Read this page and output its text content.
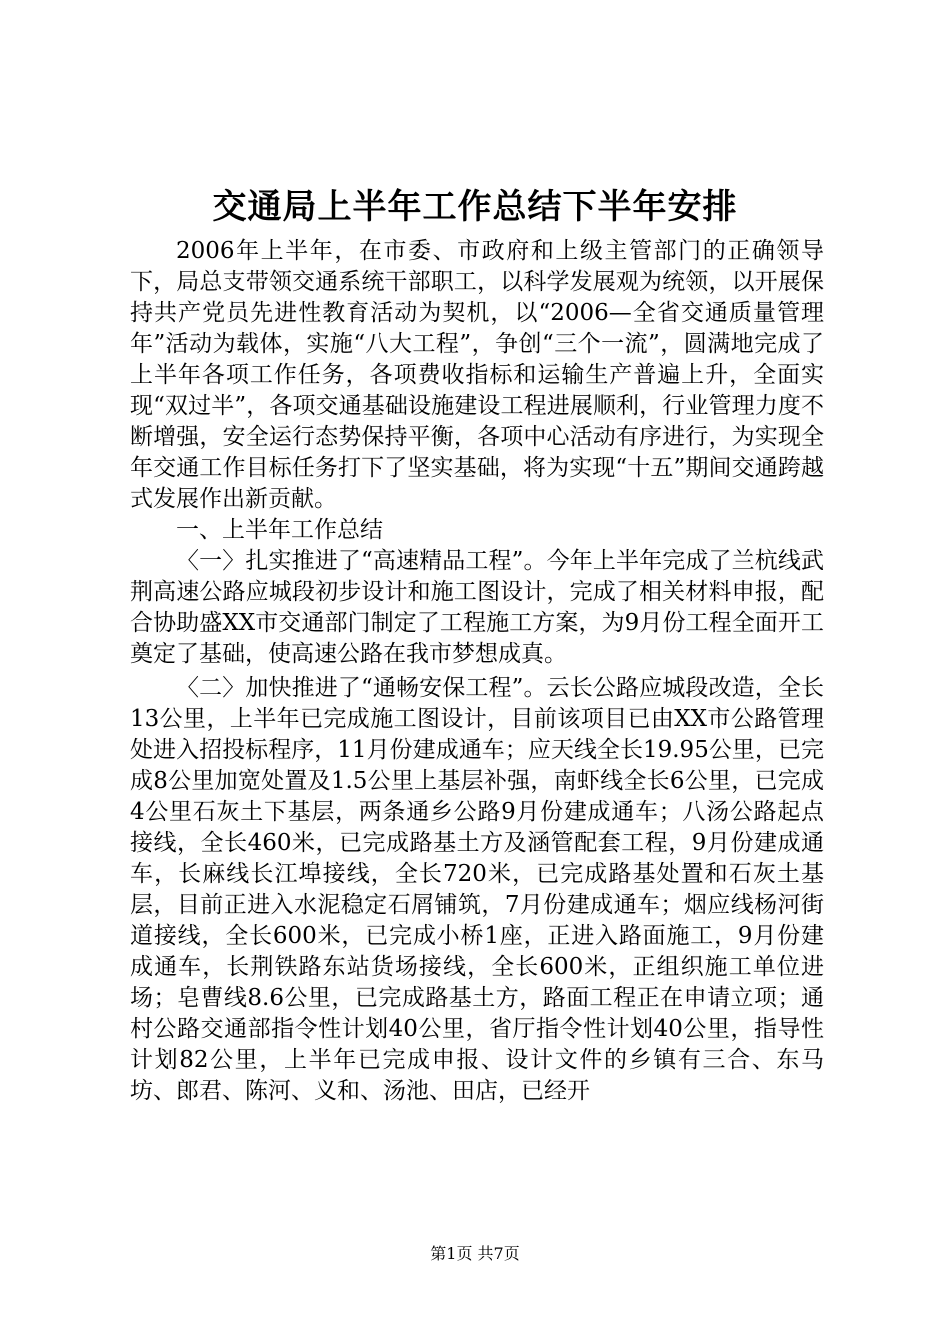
交通局上半年工作总结下半年安排

2006年上半年，在市委、市政府和上级主管部门的正确领导下，局总支带领交通系统干部职工，以科学发展观为统领，以开展保持共产党员先进性教育活动为契机，以“2006—全省交通质量管理年”活动为载体，实施“八大工程”，争创“三个一流”，圆满地完成了上半年各项工作任务，各项费收指标和运输生产普遍上升，全面实现“双过半”，各项交通基础设施建设工程进展顺利，行业管理力度不断增强，安全运行态势保持平衡，各项中心活动有序进行，为实现全年交通工作目标任务打下了坚实基础，将为实现“十五”期间交通跨越式发展作出新贡献。

一、上半年工作总结

〈一〉扎实推进了“高速精品工程”。今年上半年完成了兰杭线武荆高速公路应城段初步设计和施工图设计，完成了相关材料申报，配合协助盛XX市交通部门制定了工程施工方案，为9月份工程全面开工奠定了基础，使高速公路在我市梦想成真。

〈二〉加快推进了“通畅安保工程”。云长公路应城段改造，全长13公里，上半年已完成施工图设计，目前该项目已由XX市公路管理处进入招投标程序，11月份建成通车；应天线全长19.95公里，已完成8公里加宽处置及1.5公里上基层补强，南虾线全长6公里，已完成4公里石灰土下基层，两条通乡公路9月份建成通车；八汤公路起点接线，全长460米，已完成路基土方及涵管配套工程，9月份建成通车，长麻线长江埠接线，全长720米，已完成路基处置和石灰土基层，目前正进入水泥稳定石屑铺筑，7月份建成通车；烟应线杨河街道接线，全长600米，已完成小桥1座，正进入路面施工，9月份建成通车，长荆铁路东站货场接线，全长600米，正组织施工单位进场；皂曹线8.6公里，已完成路基土方，路面工程正在申请立项；通村公路交通部指令性计划40公里，省厅指令性计划40公里，指导性计划82公里，上半年已完成申报、设计文件的乡镇有三合、东马坊、郎君、陈河、义和、汤池、田店，已经开

第1页 共7页
